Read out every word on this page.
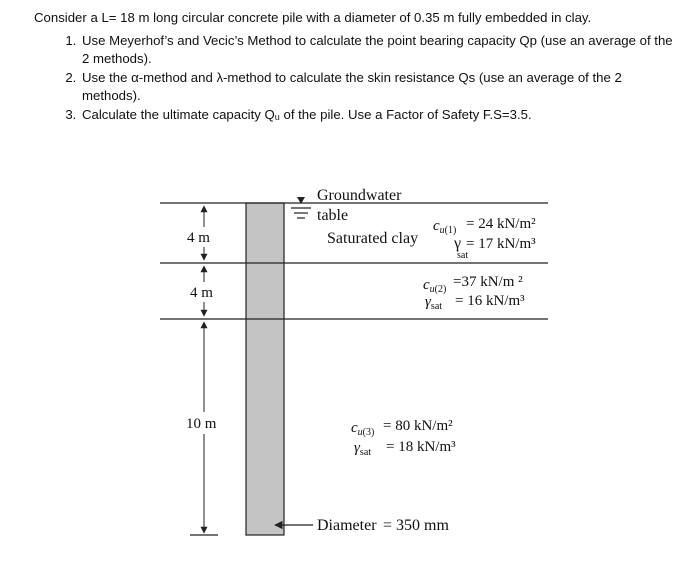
Consider a L= 18 m long circular concrete pile with a diameter of 0.35 m fully embedded in clay.

1. Use Meyerhof’s and Vecic’s Method to calculate the point bearing capacity Qp (use an average of the 2 methods).
2. Use the α-method and λ-method to calculate the skin resistance Qs (use an average of the 2 methods).
3. Calculate the ultimate capacity Qᵤ of the pile. Use a Factor of Safety F.S=3.5.
4 m
4 m
10 m
Groundwater
table
Saturated clay
$c_u(1) = 24$ kN/m²
γ
sat
= 17 kN/m³
$c_u(2) =37$ kN/m ²
$\gamma_{sat} = 16$ kN/m³
$c_u(3) = 80$ kN/m²
$\gamma_{sat} = 18$ kN/m³
Diameter = 350 mm
